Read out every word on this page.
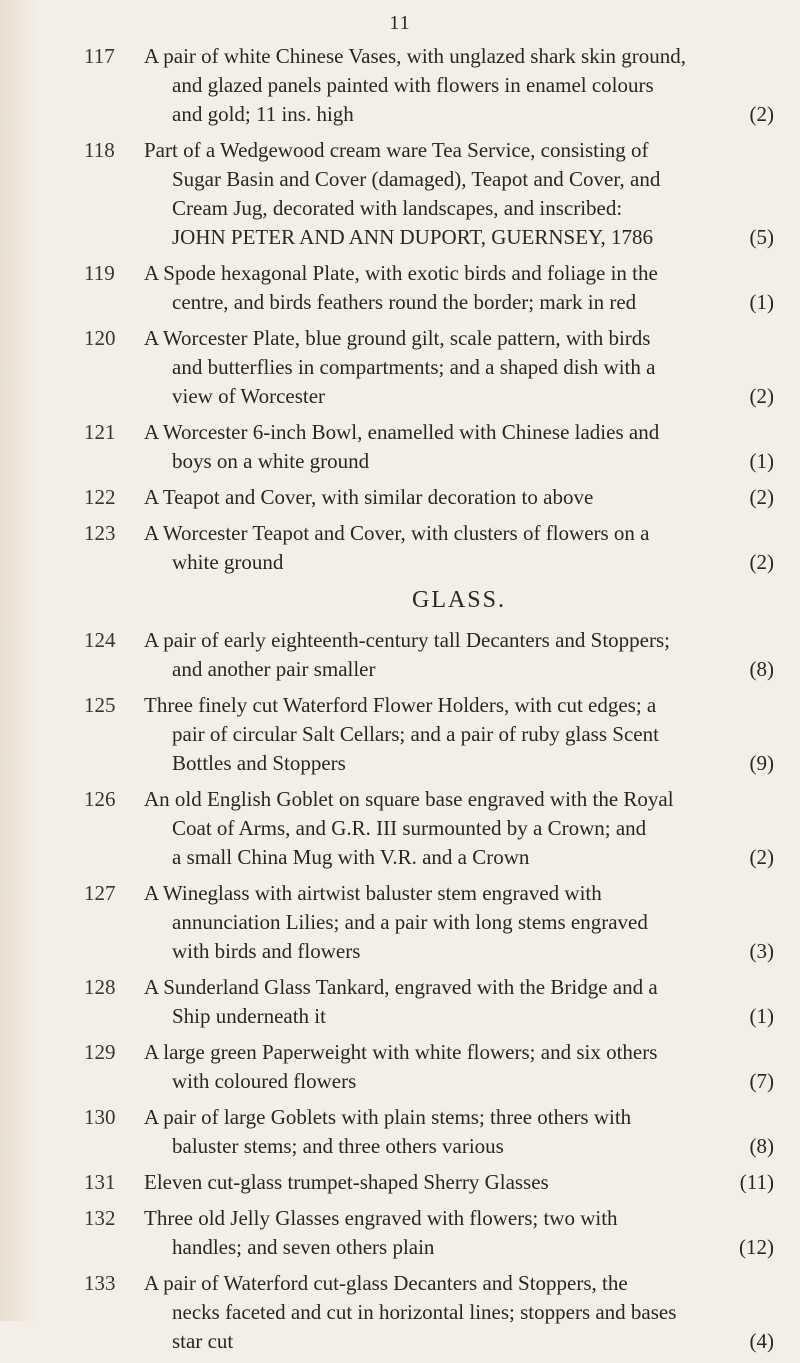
11
117	A pair of white Chinese Vases, with unglazed shark skin ground,
and glazed panels painted with flowers in enamel colours
and gold; 11 ins. high	(2)
118	Part of a Wedgewood cream ware Tea Service, consisting of
Sugar Basin and Cover (damaged), Teapot and Cover, and
Cream Jug, decorated with landscapes, and inscribed:
JOHN PETER AND ANN DUPORT, GUERNSEY, 1786	(5)
119	A Spode hexagonal Plate, with exotic birds and foliage in the
centre, and birds feathers round the border; mark in red	(1)
120	A Worcester Plate, blue ground gilt, scale pattern, with birds
and butterflies in compartments; and a shaped dish with a
view of Worcester	(2)
121	A Worcester 6-inch Bowl, enamelled with Chinese ladies and
boys on a white ground	(1)
122	A Teapot and Cover, with similar decoration to above	(2)
123	A Worcester Teapot and Cover, with clusters of flowers on a
white ground	(2)
GLASS.
124	A pair of early eighteenth-century tall Decanters and Stoppers;
and another pair smaller	(8)
125	Three finely cut Waterford Flower Holders, with cut edges; a
pair of circular Salt Cellars; and a pair of ruby glass Scent
Bottles and Stoppers	(9)
126	An old English Goblet on square base engraved with the Royal
Coat of Arms, and G.R. III surmounted by a Crown; and
a small China Mug with V.R. and a Crown	(2)
127	A Wineglass with airtwist baluster stem engraved with
annunciation Lilies; and a pair with long stems engraved
with birds and flowers	(3)
128	A Sunderland Glass Tankard, engraved with the Bridge and a
Ship underneath it	(1)
129	A large green Paperweight with white flowers; and six others
with coloured flowers	(7)
130	A pair of large Goblets with plain stems; three others with
baluster stems; and three others various	(8)
131	Eleven cut-glass trumpet-shaped Sherry Glasses	(11)
132	Three old Jelly Glasses engraved with flowers; two with
handles; and seven others plain	(12)
133	A pair of Waterford cut-glass Decanters and Stoppers, the
necks faceted and cut in horizontal lines; stoppers and bases
star cut	(4)
